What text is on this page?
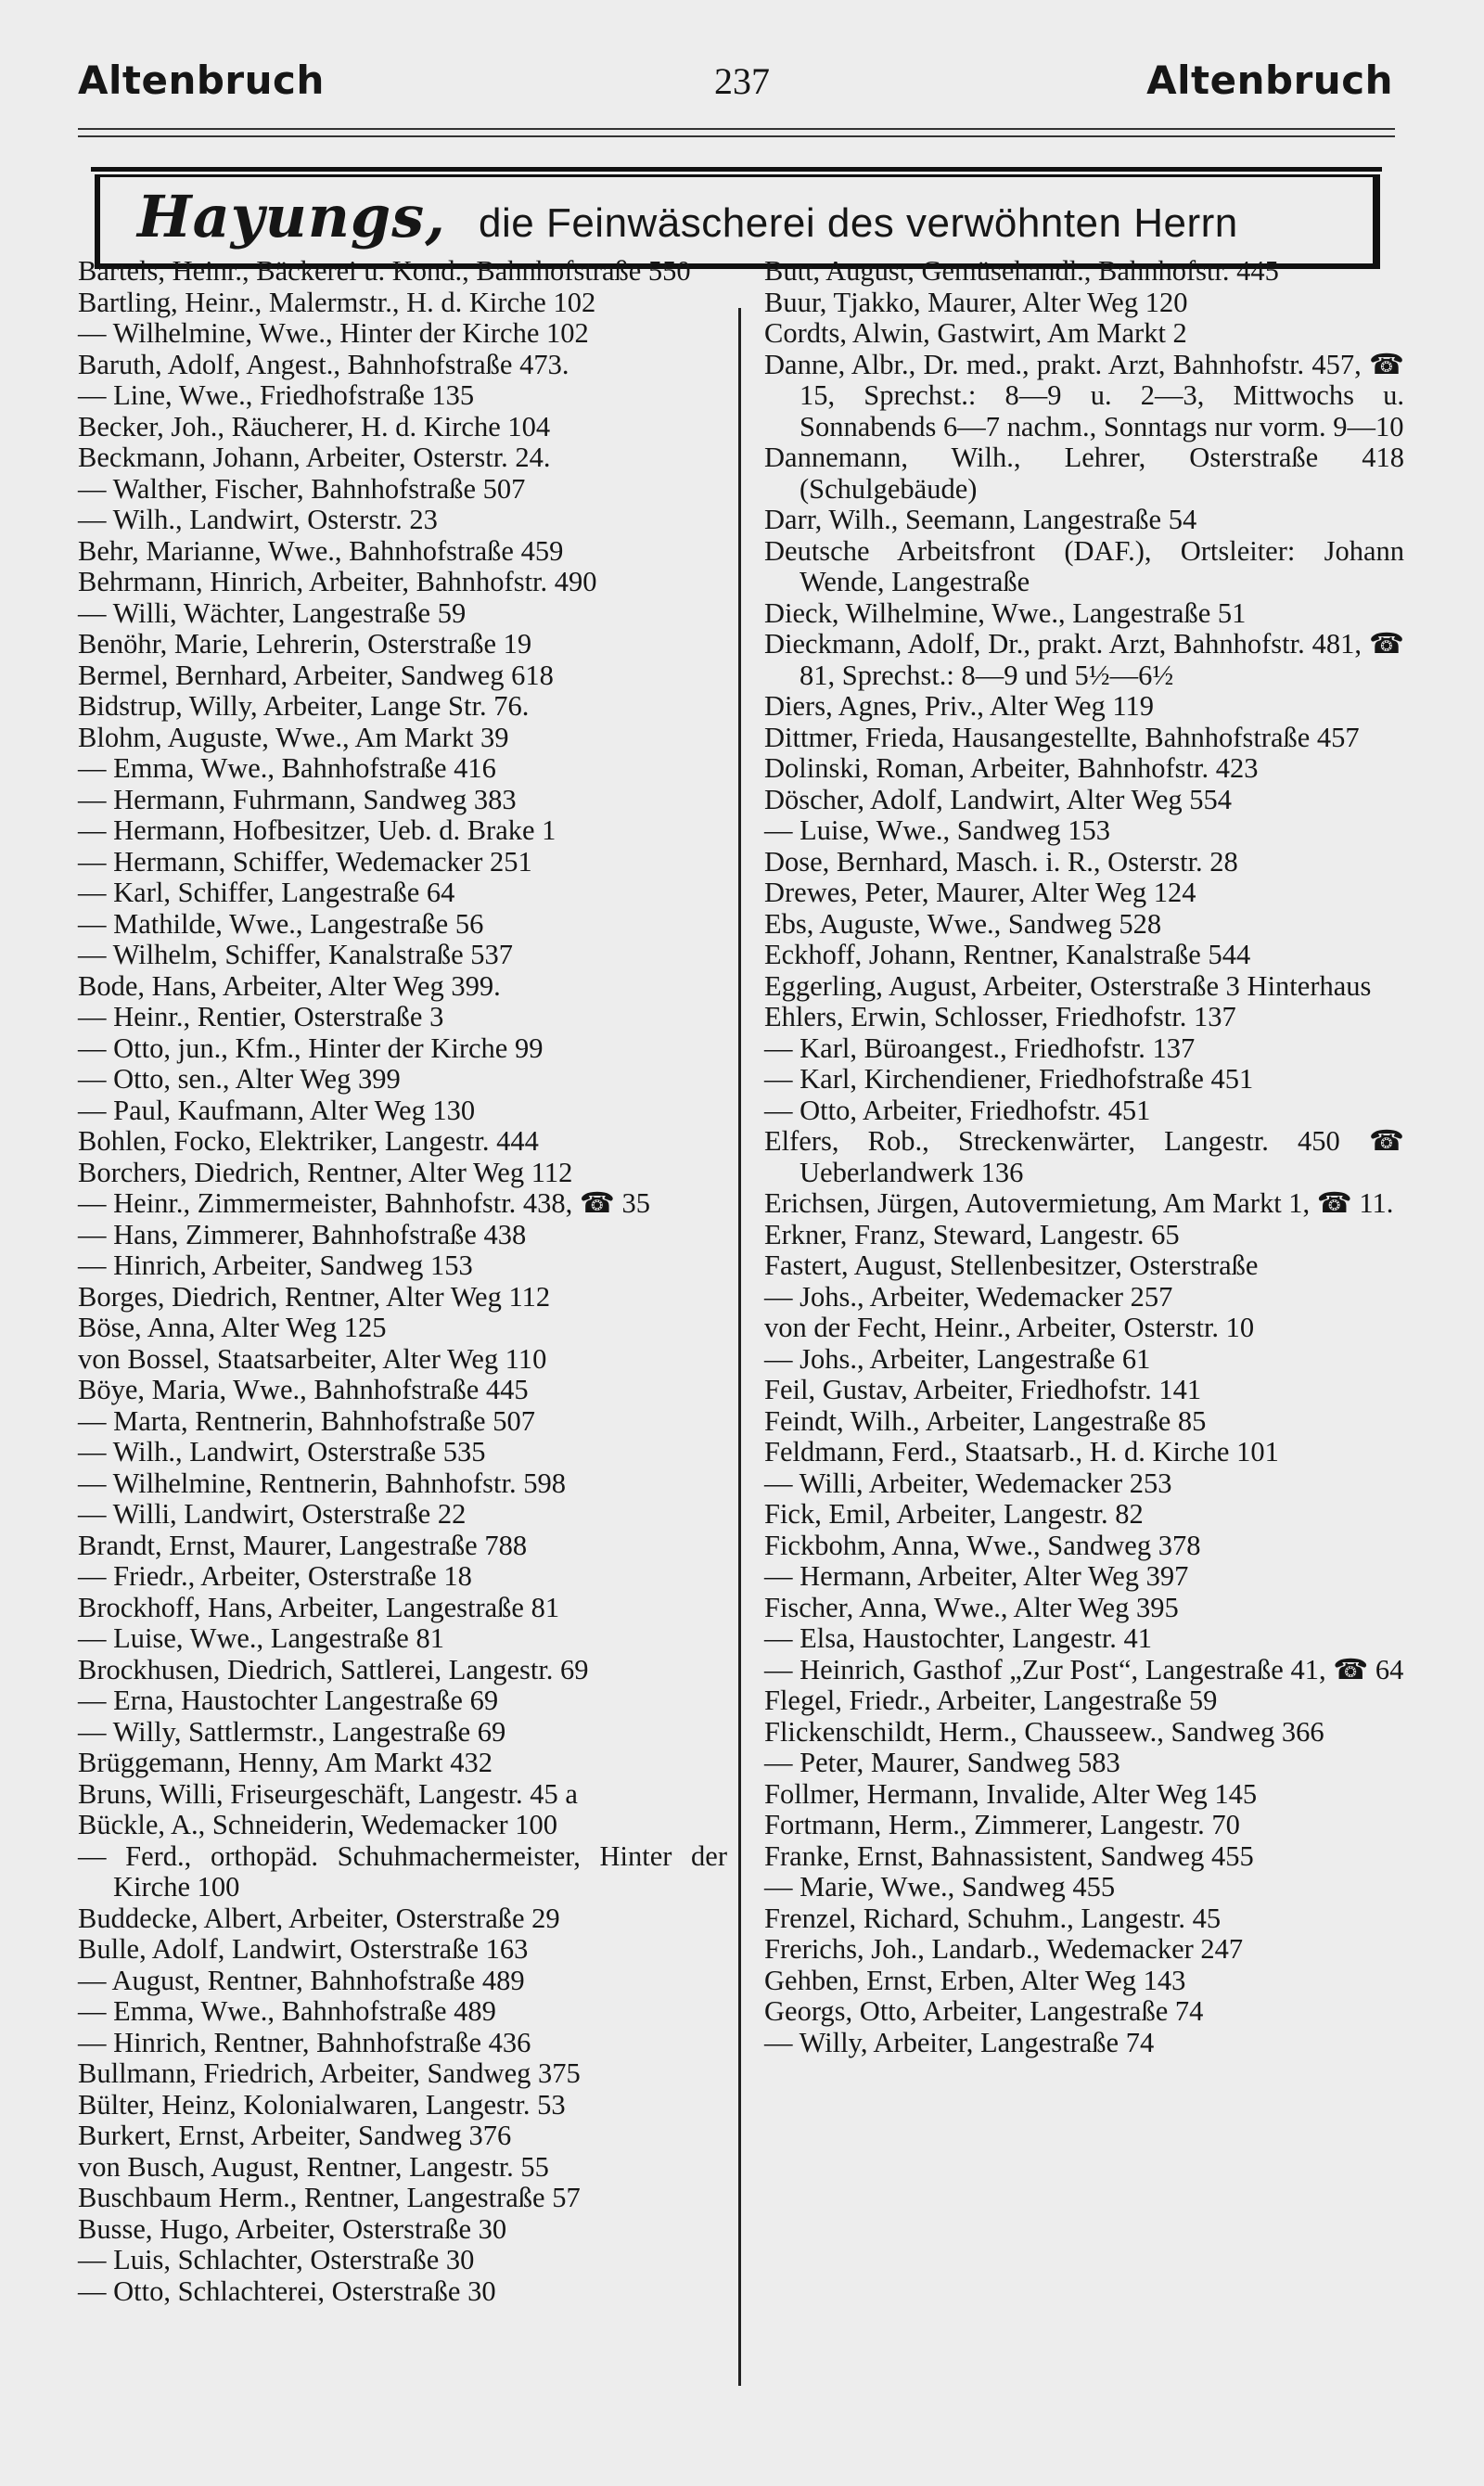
Altenbruch	237	Altenbruch
Hayungs, die Feinwäscherei des verwöhnten Herrn
Bartels, Heinr., Bäckerei u. Kond., Bahnhofstraße 550
Bartling, Heinr., Malermstr., H. d. Kirche 102
— Wilhelmine, Wwe., Hinter der Kirche 102
Baruth, Adolf, Angest., Bahnhofstraße 473.
— Line, Wwe., Friedhofstraße 135
Becker, Joh., Räucherer, H. d. Kirche 104
Beckmann, Johann, Arbeiter, Osterstr. 24.
— Walther, Fischer, Bahnhofstraße 507
— Wilh., Landwirt, Osterstr. 23
Behr, Marianne, Wwe., Bahnhofstraße 459
Behrmann, Hinrich, Arbeiter, Bahnhofstr. 490
— Willi, Wächter, Langestraße 59
Benöhr, Marie, Lehrerin, Osterstraße 19
Bermel, Bernhard, Arbeiter, Sandweg 618
Bidstrup, Willy, Arbeiter, Lange Str. 76.
Blohm, Auguste, Wwe., Am Markt 39
— Emma, Wwe., Bahnhofstraße 416
— Hermann, Fuhrmann, Sandweg 383
— Hermann, Hofbesitzer, Ueb. d. Brake 1
— Hermann, Schiffer, Wedemacker 251
— Karl, Schiffer, Langestraße 64
— Mathilde, Wwe., Langestraße 56
— Wilhelm, Schiffer, Kanalstraße 537
Bode, Hans, Arbeiter, Alter Weg 399.
— Heinr., Rentier, Osterstraße 3
— Otto, jun., Kfm., Hinter der Kirche 99
— Otto, sen., Alter Weg 399
— Paul, Kaufmann, Alter Weg 130
Bohlen, Focko, Elektriker, Langestr. 444
Borchers, Diedrich, Rentner, Alter Weg 112
— Heinr., Zimmermeister, Bahnhofstr. 438, ☎ 35
— Hans, Zimmerer, Bahnhofstraße 438
— Hinrich, Arbeiter, Sandweg 153
Borges, Diedrich, Rentner, Alter Weg 112
Böse, Anna, Alter Weg 125
von Bossel, Staatsarbeiter, Alter Weg 110
Böye, Maria, Wwe., Bahnhofstraße 445
— Marta, Rentnerin, Bahnhofstraße 507
— Wilh., Landwirt, Osterstraße 535
— Wilhelmine, Rentnerin, Bahnhofstr. 598
— Willi, Landwirt, Osterstraße 22
Brandt, Ernst, Maurer, Langestraße 788
— Friedr., Arbeiter, Osterstraße 18
Brockhoff, Hans, Arbeiter, Langestraße 81
— Luise, Wwe., Langestraße 81
Brockhusen, Diedrich, Sattlerei, Langestr. 69
— Erna, Haustochter Langestraße 69
— Willy, Sattlermstr., Langestraße 69
Brüggemann, Henny, Am Markt 432
Bruns, Willi, Friseurgeschäft, Langestr. 45 a
Bückle, A., Schneiderin, Wedemacker 100
— Ferd., orthopäd. Schuhmachermeister, Hinter der Kirche 100
Buddecke, Albert, Arbeiter, Osterstraße 29
Bulle, Adolf, Landwirt, Osterstraße 163
— August, Rentner, Bahnhofstraße 489
— Emma, Wwe., Bahnhofstraße 489
— Hinrich, Rentner, Bahnhofstraße 436
Bullmann, Friedrich, Arbeiter, Sandweg 375
Bülter, Heinz, Kolonialwaren, Langestr. 53
Burkert, Ernst, Arbeiter, Sandweg 376
von Busch, August, Rentner, Langestr. 55
Buschbaum Herm., Rentner, Langestraße 57
Busse, Hugo, Arbeiter, Osterstraße 30
— Luis, Schlachter, Osterstraße 30
— Otto, Schlachterei, Osterstraße 30
Butt, August, Gemüsehandl., Bahnhofstr. 445
Buur, Tjakko, Maurer, Alter Weg 120
Cordts, Alwin, Gastwirt, Am Markt 2
Danne, Albr., Dr. med., prakt. Arzt, Bahnhofstr. 457, ☎ 15, Sprechst.: 8—9 u. 2—3, Mittwochs u. Sonnabends 6—7 nachm., Sonntags nur vorm. 9—10
Dannemann, Wilh., Lehrer, Osterstraße 418 (Schulgebäude)
Darr, Wilh., Seemann, Langestraße 54
Deutsche Arbeitsfront (DAF.), Ortsleiter: Johann Wende, Langestraße
Dieck, Wilhelmine, Wwe., Langestraße 51
Dieckmann, Adolf, Dr., prakt. Arzt, Bahnhofstr. 481, ☎ 81, Sprechst.: 8—9 und 5½—6½
Diers, Agnes, Priv., Alter Weg 119
Dittmer, Frieda, Hausangestellte, Bahnhofstraße 457
Dolinski, Roman, Arbeiter, Bahnhofstr. 423
Döscher, Adolf, Landwirt, Alter Weg 554
— Luise, Wwe., Sandweg 153
Dose, Bernhard, Masch. i. R., Osterstr. 28
Drewes, Peter, Maurer, Alter Weg 124
Ebs, Auguste, Wwe., Sandweg 528
Eckhoff, Johann, Rentner, Kanalstraße 544
Eggerling, August, Arbeiter, Osterstraße 3 Hinterhaus
Ehlers, Erwin, Schlosser, Friedhofstr. 137
— Karl, Büroangest., Friedhofstr. 137
— Karl, Kirchendiener, Friedhofstraße 451
— Otto, Arbeiter, Friedhofstr. 451
Elfers, Rob., Streckenwärter, Langestr. 450 ☎ Ueberlandwerk 136
Erichsen, Jürgen, Autovermietung, Am Markt 1, ☎ 11.
Erkner, Franz, Steward, Langestr. 65
Fastert, August, Stellenbesitzer, Osterstraße
— Johs., Arbeiter, Wedemacker 257
von der Fecht, Heinr., Arbeiter, Osterstr. 10
— Johs., Arbeiter, Langestraße 61
Feil, Gustav, Arbeiter, Friedhofstr. 141
Feindt, Wilh., Arbeiter, Langestraße 85
Feldmann, Ferd., Staatsarb., H. d. Kirche 101
— Willi, Arbeiter, Wedemacker 253
Fick, Emil, Arbeiter, Langestr. 82
Fickbohm, Anna, Wwe., Sandweg 378
— Hermann, Arbeiter, Alter Weg 397
Fischer, Anna, Wwe., Alter Weg 395
— Elsa, Haustochter, Langestr. 41
— Heinrich, Gasthof „Zur Post“, Langestraße 41, ☎ 64
Flegel, Friedr., Arbeiter, Langestraße 59
Flickenschildt, Herm., Chausseew., Sandweg 366
— Peter, Maurer, Sandweg 583
Follmer, Hermann, Invalide, Alter Weg 145
Fortmann, Herm., Zimmerer, Langestr. 70
Franke, Ernst, Bahnassistent, Sandweg 455
— Marie, Wwe., Sandweg 455
Frenzel, Richard, Schuhm., Langestr. 45
Frerichs, Joh., Landarb., Wedemacker 247
Gehben, Ernst, Erben, Alter Weg 143
Georgs, Otto, Arbeiter, Langestraße 74
— Willy, Arbeiter, Langestraße 74
